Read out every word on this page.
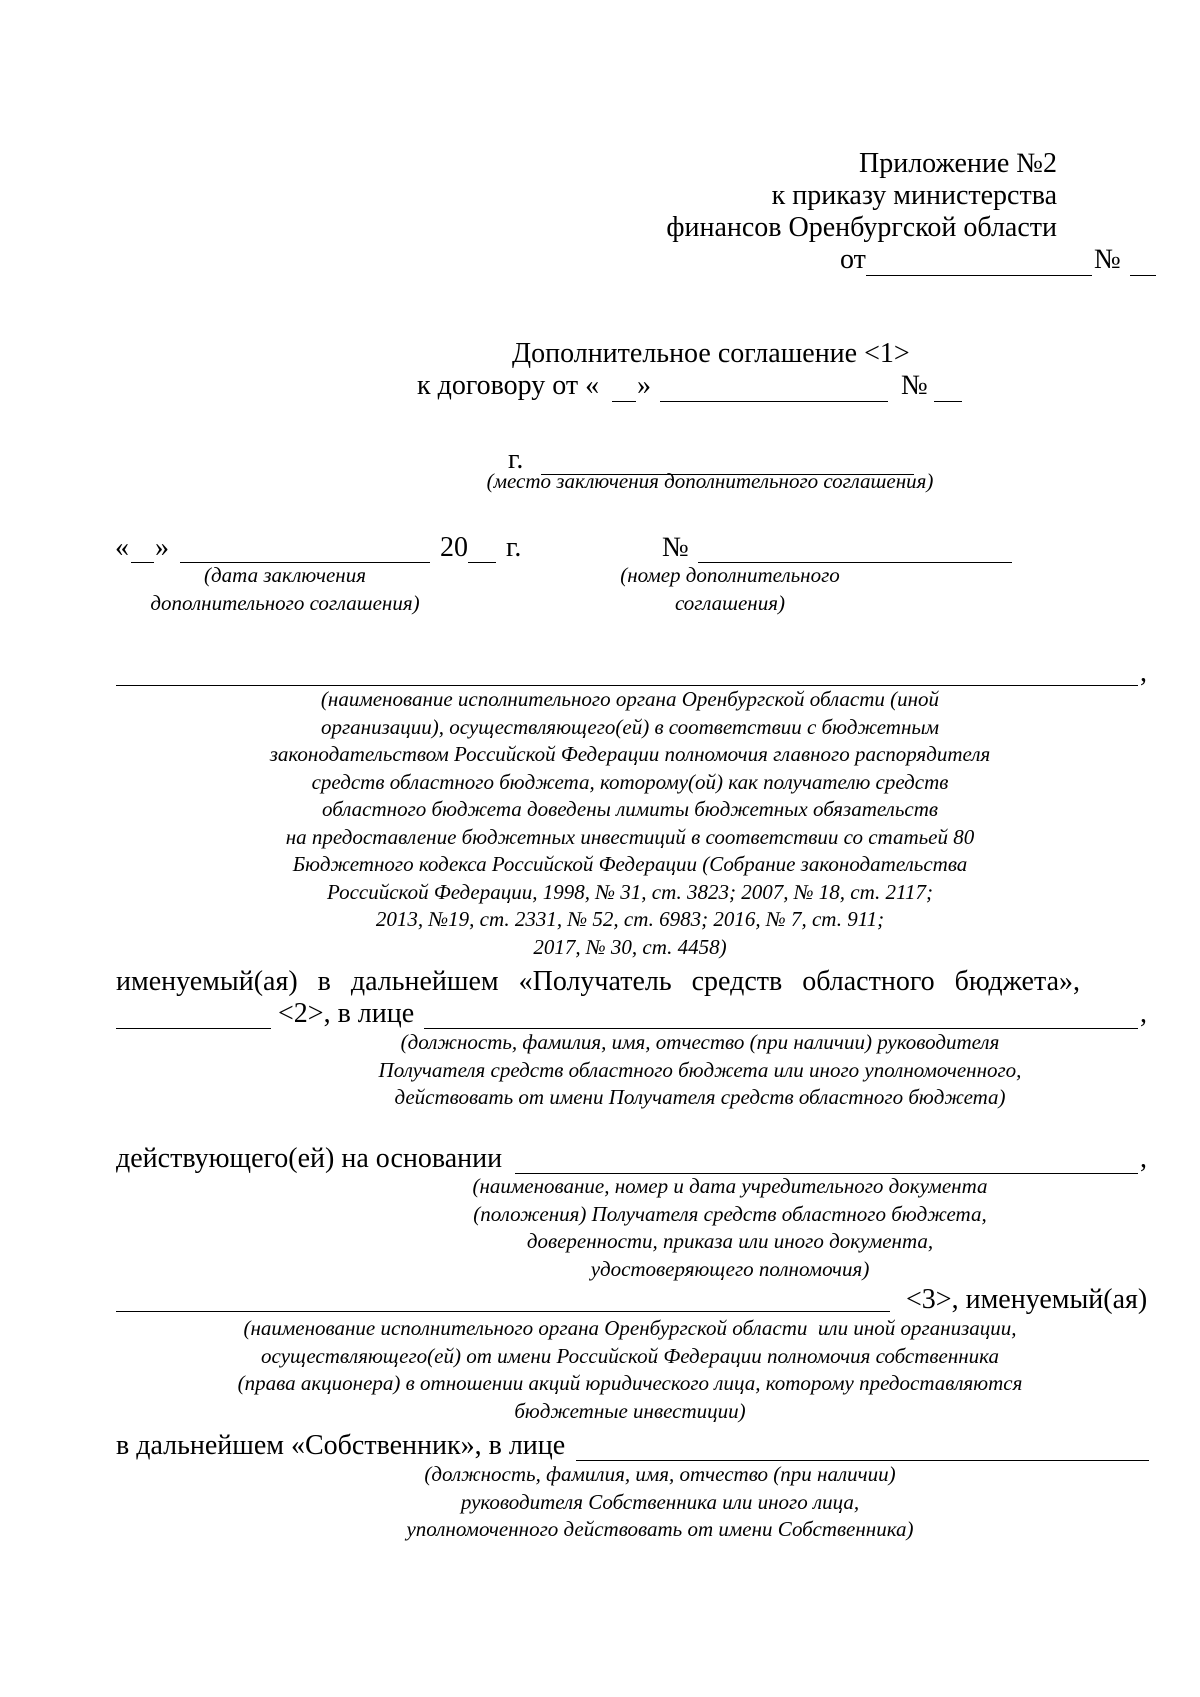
Приложение №2
к приказу министерства
финансов Оренбургской области
от	№
Дополнительное соглашение <1>
к договору от « »	№
г.
(место заключения дополнительного соглашения)
« »	20 г.	№
(дата заключения
дополнительного соглашения)
(номер дополнительного
соглашения)
,
(наименование исполнительного органа Оренбургской области (иной
организации), осуществляющего(ей) в соответствии с бюджетным
законодательством Российской Федерации полномочия главного распорядителя
средств областного бюджета, которому(ой) как получателю средств
областного бюджета доведены лимиты бюджетных обязательств
на предоставление бюджетных инвестиций в соответствии со статьей 80
Бюджетного кодекса Российской Федерации (Собрание законодательства
Российской Федерации, 1998, № 31, ст. 3823; 2007, № 18, ст. 2117;
2013, №19, ст. 2331, № 52, ст. 6983; 2016, № 7, ст. 911;
2017, № 30, ст. 4458)
именуемый(ая) в дальнейшем «Получатель средств областного бюджета»,
<2>, в лице	,
(должность, фамилия, имя, отчество (при наличии) руководителя
Получателя средств областного бюджета или иного уполномоченного,
действовать от имени Получателя средств областного бюджета)
действующего(ей) на основании	,
(наименование, номер и дата учредительного документа
(положения) Получателя средств областного бюджета,
доверенности, приказа или иного документа,
удостоверяющего полномочия)
<3>, именуемый(ая)
(наименование исполнительного органа Оренбургской области  или иной организации,
осуществляющего(ей) от имени Российской Федерации полномочия собственника
(права акционера) в отношении акций юридического лица, которому предоставляются
бюджетные инвестиции)
в дальнейшем «Собственник», в лице
(должность, фамилия, имя, отчество (при наличии)
руководителя Собственника или иного лица,
уполномоченного действовать от имени Собственника)
